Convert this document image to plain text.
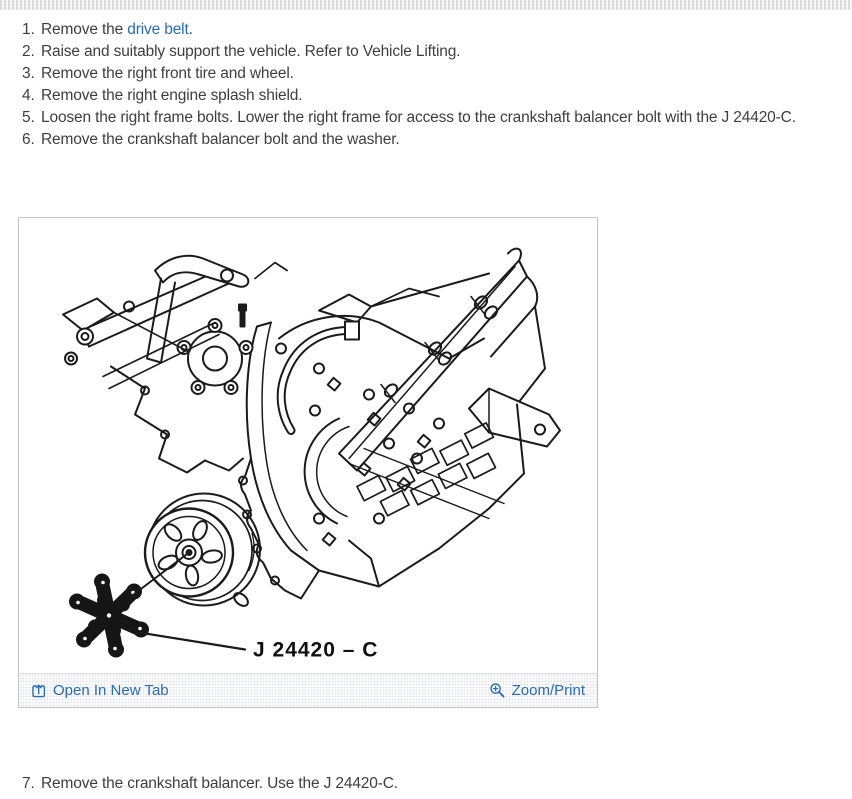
1. Remove the drive belt.
2. Raise and suitably support the vehicle. Refer to Vehicle Lifting.
3. Remove the right front tire and wheel.
4. Remove the right engine splash shield.
5. Loosen the right frame bolts. Lower the right frame for access to the crankshaft balancer bolt with the J 24420-C.
6. Remove the crankshaft balancer bolt and the washer.
J 24420 – C
Open In New Tab	Zoom/Print
7. Remove the crankshaft balancer. Use the J 24420-C.
